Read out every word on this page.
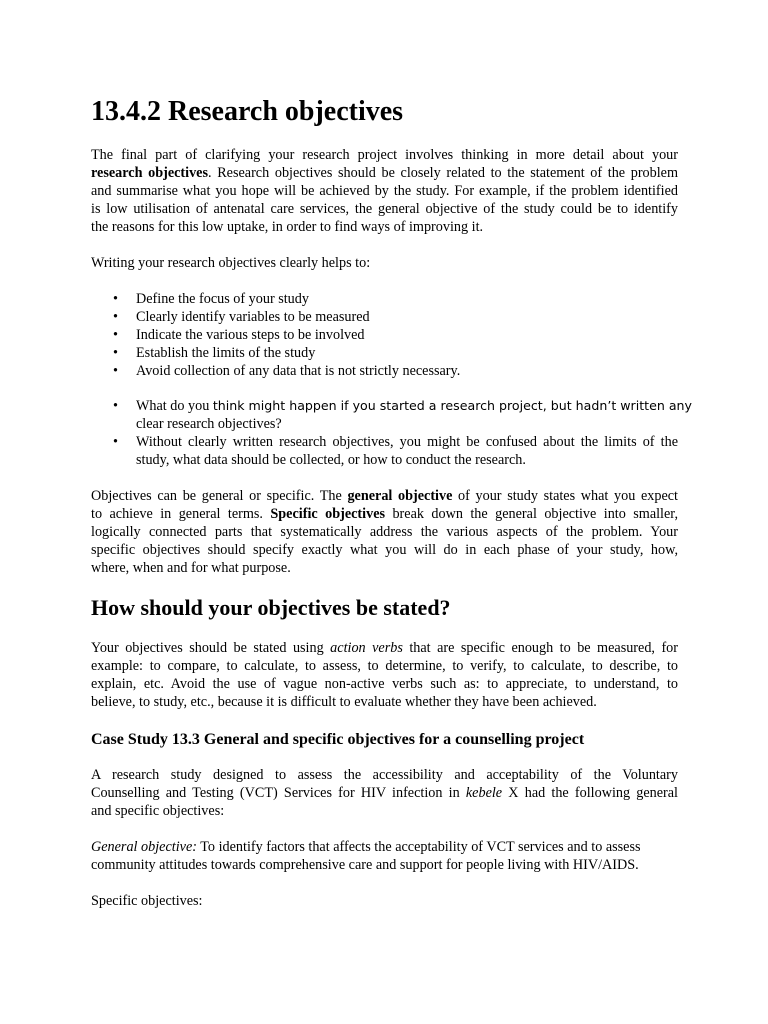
13.4.2 Research objectives
The final part of clarifying your research project involves thinking in more detail about your
research objectives. Research objectives should be closely related to the statement of the problem
and summarise what you hope will be achieved by the study. For example, if the problem identified
is low utilisation of antenatal care services, the general objective of the study could be to identify
the reasons for this low uptake, in order to find ways of improving it.
Writing your research objectives clearly helps to:
• Define the focus of your study
• Clearly identify variables to be measured
• Indicate the various steps to be involved
• Establish the limits of the study
• Avoid collection of any data that is not strictly necessary.
• What do you think might happen if you started a research project, but hadn’t written any
clear research objectives?
• Without clearly written research objectives, you might be confused about the limits of the
study, what data should be collected, or how to conduct the research.
Objectives can be general or specific. The general objective of your study states what you expect
to achieve in general terms. Specific objectives break down the general objective into smaller,
logically connected parts that systematically address the various aspects of the problem. Your
specific objectives should specify exactly what you will do in each phase of your study, how,
where, when and for what purpose.
How should your objectives be stated?
Your objectives should be stated using action verbs that are specific enough to be measured, for
example: to compare, to calculate, to assess, to determine, to verify, to calculate, to describe, to
explain, etc. Avoid the use of vague non-active verbs such as: to appreciate, to understand, to
believe, to study, etc., because it is difficult to evaluate whether they have been achieved.
Case Study 13.3 General and specific objectives for a counselling project
A research study designed to assess the accessibility and acceptability of the Voluntary
Counselling and Testing (VCT) Services for HIV infection in kebele X had the following general
and specific objectives:
General objective: To identify factors that affects the acceptability of VCT services and to assess
community attitudes towards comprehensive care and support for people living with HIV/AIDS.
Specific objectives:
